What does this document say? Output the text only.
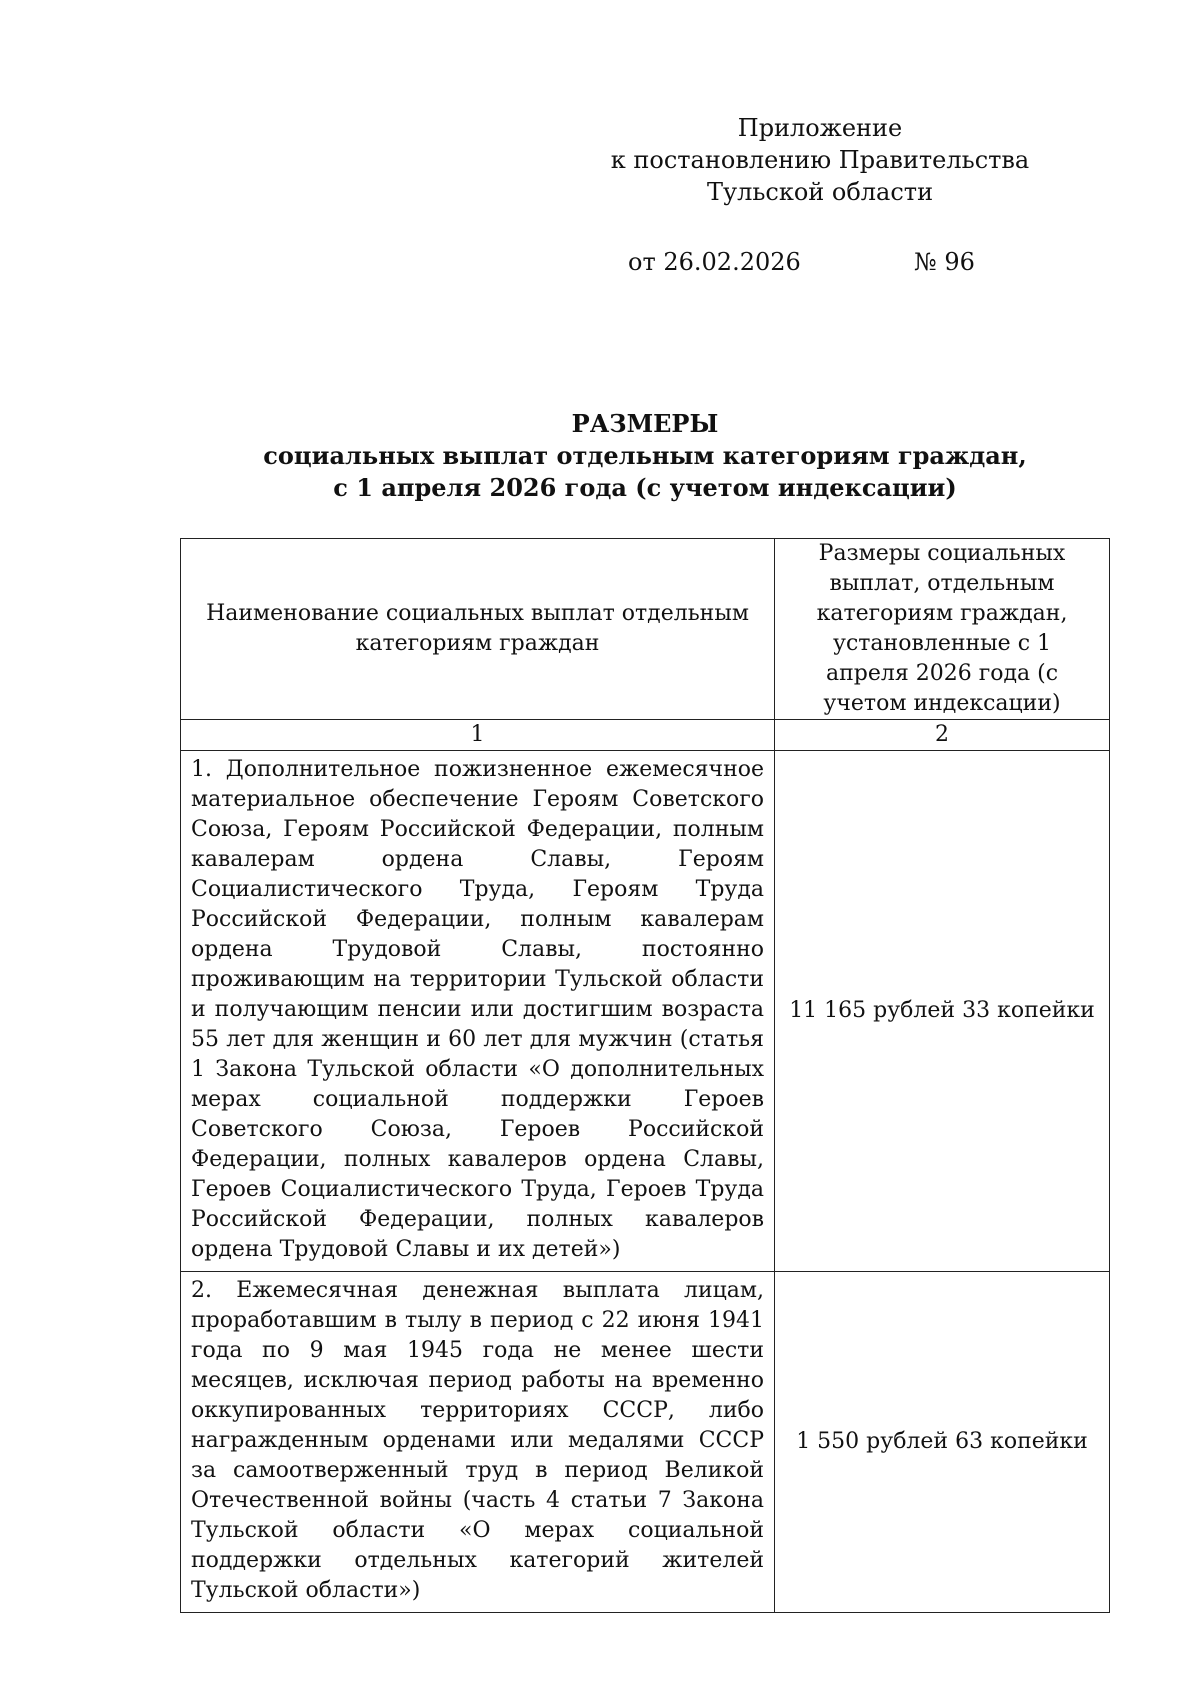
Приложение
к постановлению Правительства
Тульской области
от 26.02.2026	№ 96
РАЗМЕРЫ
социальных выплат отдельным категориям граждан,
с 1 апреля 2026 года (с учетом индексации)
Наименование социальных выплат отдельным категориям граждан	Размеры социальных выплат, отдельным категориям граждан, установленные с 1 апреля 2026 года (с учетом индексации)
1	2
1. Дополнительное пожизненное ежемесячное материальное обеспечение Героям Советского Союза, Героям Российской Федерации, полным кавалерам ордена Славы, Героям Социалистического Труда, Героям Труда Российской Федерации, полным кавалерам ордена Трудовой Славы, постоянно проживающим на территории Тульской области и получающим пенсии или достигшим возраста 55 лет для женщин и 60 лет для мужчин (статья 1 Закона Тульской области «О дополнительных мерах социальной поддержки Героев Советского Союза, Героев Российской Федерации, полных кавалеров ордена Славы, Героев Социалистического Труда, Героев Труда Российской Федерации, полных кавалеров ордена Трудовой Славы и их детей»)	11 165 рублей 33 копейки
2. Ежемесячная денежная выплата лицам, проработавшим в тылу в период с 22 июня 1941 года по 9 мая 1945 года не менее шести месяцев, исключая период работы на временно оккупированных территориях СССР, либо награжденным орденами или медалями СССР за самоотверженный труд в период Великой Отечественной войны (часть 4 статьи 7 Закона Тульской области «О мерах социальной поддержки отдельных категорий жителей Тульской области»)	1 550 рублей 63 копейки
